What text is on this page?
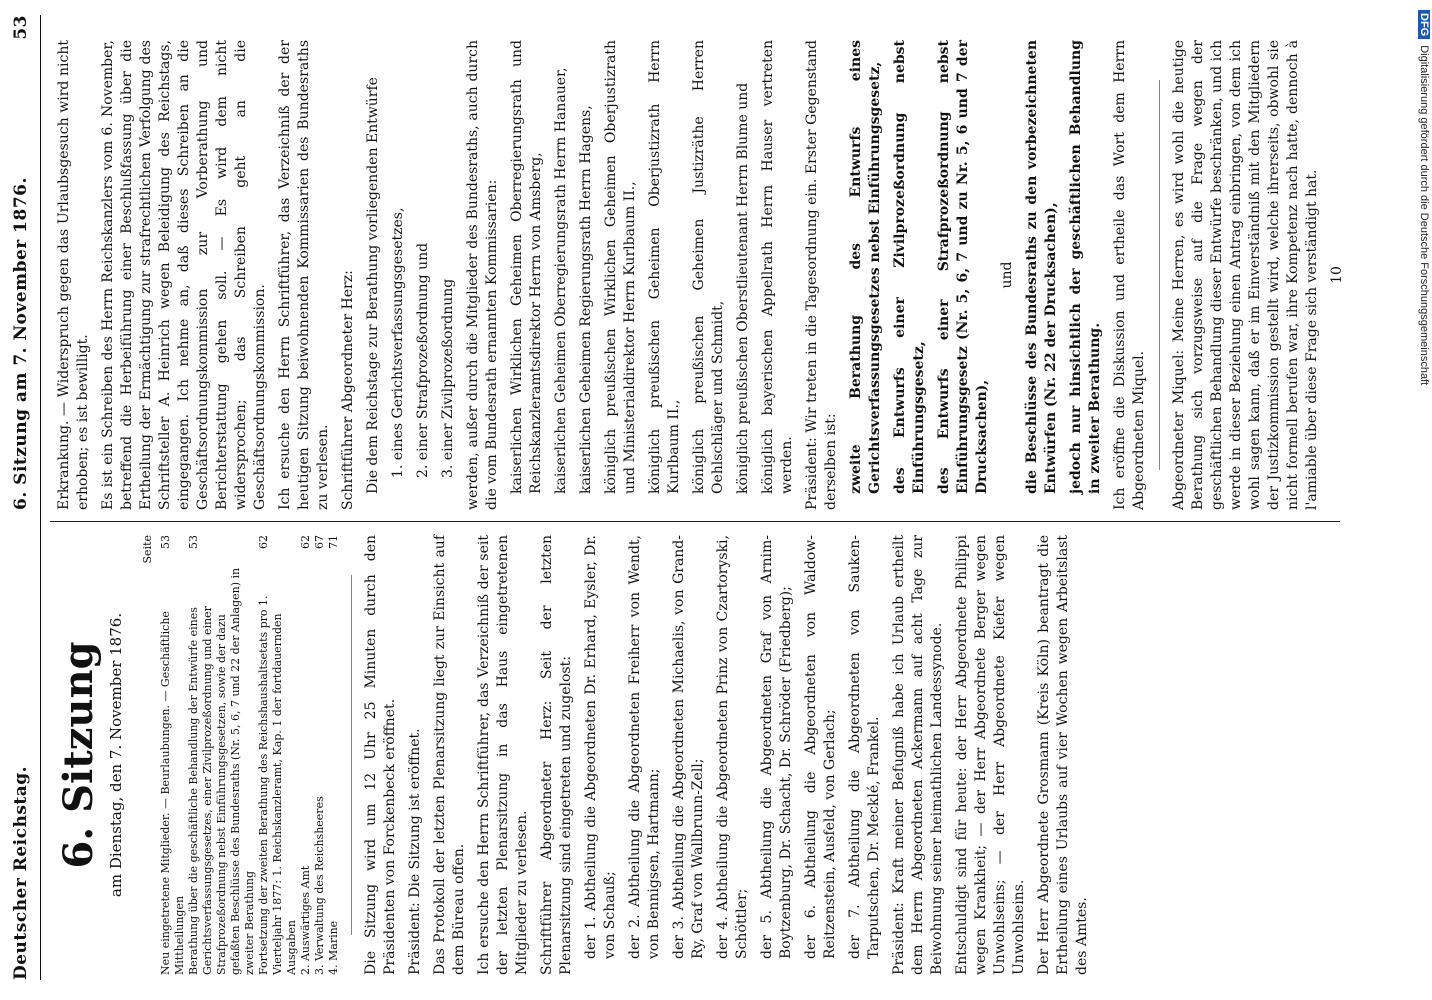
Deutscher Reichstag.
6. Sitzung am 7. November 1876.
53
6. Sitzung am Dienstag, den 7. November 1876.
Seite
Neu eingetretene Mitglieder. — Beurlaubungen. — Geschäftliche Mittheilungen
53
Berathung über die geschäftliche Behandlung der Entwürfe eines Gerichtsverfassungsgesetzes, einer Zivilprozeßordnung und einer Strafprozeßordnung nebst Einführungsgesetzen, sowie der dazu gefaßten Beschlüsse des Bundesraths (Nr. 5, 6, 7 und 22 der Anlagen) in zweiter Berathung
53
Fortsetzung der zweiten Berathung des Reichshaushaltsetats pro 1. Vierteljahr 1877: 1. Reichskanzleramt, Kap. 1 der fortdauernden Ausgaben
62
2. Auswärtiges Amt
62
3. Verwaltung des Reichsheeres
67
4. Marine
71 Die Sitzung wird um 12 Uhr 25 Minuten durch den Präsidenten von Forckenbeck eröffnet. Präsident: Die Sitzung ist eröffnet. Das Protokoll der letzten Plenarsitzung liegt zur Einsicht auf dem Büreau offen. Ich ersuche den Herrn Schriftführer, das Verzeichniß der seit der letzten Plenarsitzung in das Haus eingetretenen Mitglieder zu verlesen. Schriftführer Abgeordneter Herz: Seit der letzten Plenarsitzung sind eingetreten und zugelost: der 1. Abtheilung die Abgeordneten Dr. Erhard, Eysler, Dr. von Schauß; der 2. Abtheilung die Abgeordneten Freiherr von Wendt, von Bennigsen, Hartmann; der 3. Abtheilung die Abgeordneten Michaelis, von Grand-Ry, Graf von Wallbrunn-Zell; der 4. Abtheilung die Abgeordneten Prinz von Czartoryski, Schöttler; der 5. Abtheilung die Abgeordneten Graf von Arnim-Boytzenburg, Dr. Schacht, Dr. Schröder (Friedberg); der 6. Abtheilung die Abgeordneten von Waldow-Reitzenstein, Ausfeld, von Gerlach; der 7. Abtheilung die Abgeordneten von Sauken-Tarputschen, Dr. Mecklé, Frankel. Präsident: Kraft meiner Befugniß habe ich Urlaub ertheilt dem Herrn Abgeordneten Ackermann auf acht Tage zur Beiwohnung seiner heimathlichen Landessynode. Entschuldigt sind für heute: der Herr Abgeordnete Philippi wegen Krankheit; — der Herr Abgeordnete Berger wegen Unwohlseins; — der Herr Abgeordnete Kiefer wegen Unwohlseins. Der Herr Abgeordnete Grosmann (Kreis Köln) beantragt die Ertheilung eines Urlaubs auf vier Wochen wegen Arbeitslast des Amtes.

Erkrankung. — Widerspruch gegen das Urlaubsgesuch wird nicht erhoben; es ist bewilligt. Es ist ein Schreiben des Herrn Reichskanzlers vom 6. November, betreffend die Herbeiführung einer Beschlußfassung über die Ertheilung der Ermächtigung zur strafrechtlichen Verfolgung des Schriftsteller A. Heinrich wegen Beleidigung des Reichstags, eingegangen. Ich nehme an, daß dieses Schreiben an die Geschäftsordnungskommission zur Vorberathung und Berichterstattung gehen soll. — Es wird dem nicht widersprochen; das Schreiben geht an die Geschäftsordnungskommission. Ich ersuche den Herrn Schriftführer, das Verzeichniß der der heutigen Sitzung beiwohnenden Kommissarien des Bundesraths zu verlesen. Schriftführer Abgeordneter Herz: Die dem Reichstage zur Berathung vorliegenden Entwürfe 1. eines Gerichtsverfassungsgesetzes, 2. einer Strafprozeßordnung und 3. einer Zivilprozeßordnung werden, außer durch die Mitglieder des Bundesraths, auch durch die vom Bundesrath ernannten Kommissarien: kaiserlichen Wirklichen Geheimen Oberregierungsrath und Reichskanzleramtsdirektor Herrn von Amsberg, kaiserlichen Geheimen Oberregierungsrath Herrn Hanauer, kaiserlichen Geheimen Regierungsrath Herrn Hagens, königlich preußischen Wirklichen Geheimen Oberjustizrath und Ministerialdirektor Herrn Kurlbaum II., königlich preußischen Geheimen Oberjustizrath Herrn Kurlbaum II., königlich preußischen Geheimen Justizräthe Herren Oehlschläger und Schmidt, königlich preußischen Oberstlieutenant Herrn Blume und königlich bayerischen Appellrath Herrn Hauser vertreten werden. Präsident: Wir treten in die Tagesordnung ein. Erster Gegenstand derselben ist: zweite Berathung des Entwurfs eines Gerichtsverfassungsgesetzes nebst Einführungsgesetz, des Entwurfs einer Zivilprozeßordnung nebst Einführungsgesetz, des Entwurfs einer Strafprozeßordnung nebst Einführungsgesetz (Nr. 5, 6, 7 und zu Nr. 5, 6 und 7 der Drucksachen),

und die Beschlüsse des Bundesraths zu den vorbezeichneten Entwürfen (Nr. 22 der Drucksachen), jedoch nur hinsichtlich der geschäftlichen Behandlung in zweiter Berathung. Ich eröffne die Diskussion und ertheile das Wort dem Herrn Abgeordneten Miquel. Abgeordneter Miquel: Meine Herren, es wird wohl die heutige Berathung sich vorzugsweise auf die Frage wegen der geschäftlichen Behandlung dieser Entwürfe beschränken, und ich werde in dieser Beziehung einen Antrag einbringen, von dem ich wohl sagen kann, daß er im Einverständniß mit den Mitgliedern der Justizkommission gestellt wird, welche ihrerseits, obwohl sie nicht formell berufen war, ihre Kompetenz nach hatte, dennoch à l'amiable über diese Frage sich verständigt hat. 10
DFGDigitalisierung gefördert durch die Deutsche Forschungsgemeinschaft
